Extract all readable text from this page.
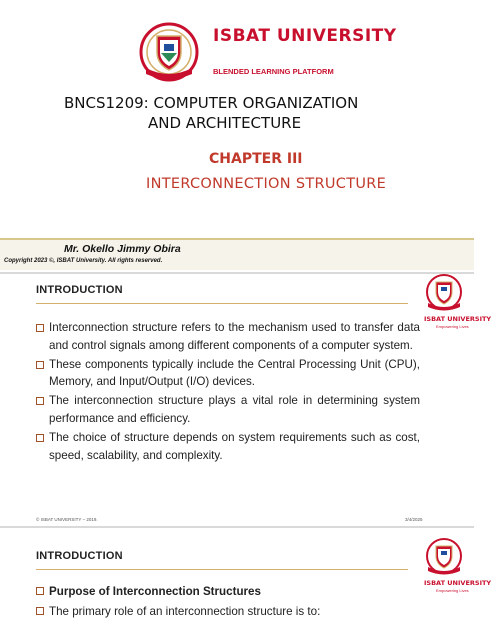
ISBAT UNIVERSITY
BLENDED LEARNING PLATFORM
BNCS1209: COMPUTER ORGANIZATION
AND ARCHITECTURE
CHAPTER III
INTERCONNECTION STRUCTURE
Mr. Okello Jimmy Obira
Copyright 2023 ©, ISBAT University. All rights reserved.
INTRODUCTION
ISBAT UNIVERSITY
Empowering Lives
Interconnection structure refers to the mechanism used to transfer data and control signals among different components of a computer system.
These components typically include the Central Processing Unit (CPU), Memory, and Input/Output (I/O) devices.
The interconnection structure plays a vital role in determining system performance and efficiency.
The choice of structure depends on system requirements such as cost, speed, scalability, and complexity.
© ISBAT UNIVERSITY – 2019.	3/4/2025
INTRODUCTION
ISBAT UNIVERSITY
Empowering Lives
Purpose of Interconnection Structures
The primary role of an interconnection structure is to:
